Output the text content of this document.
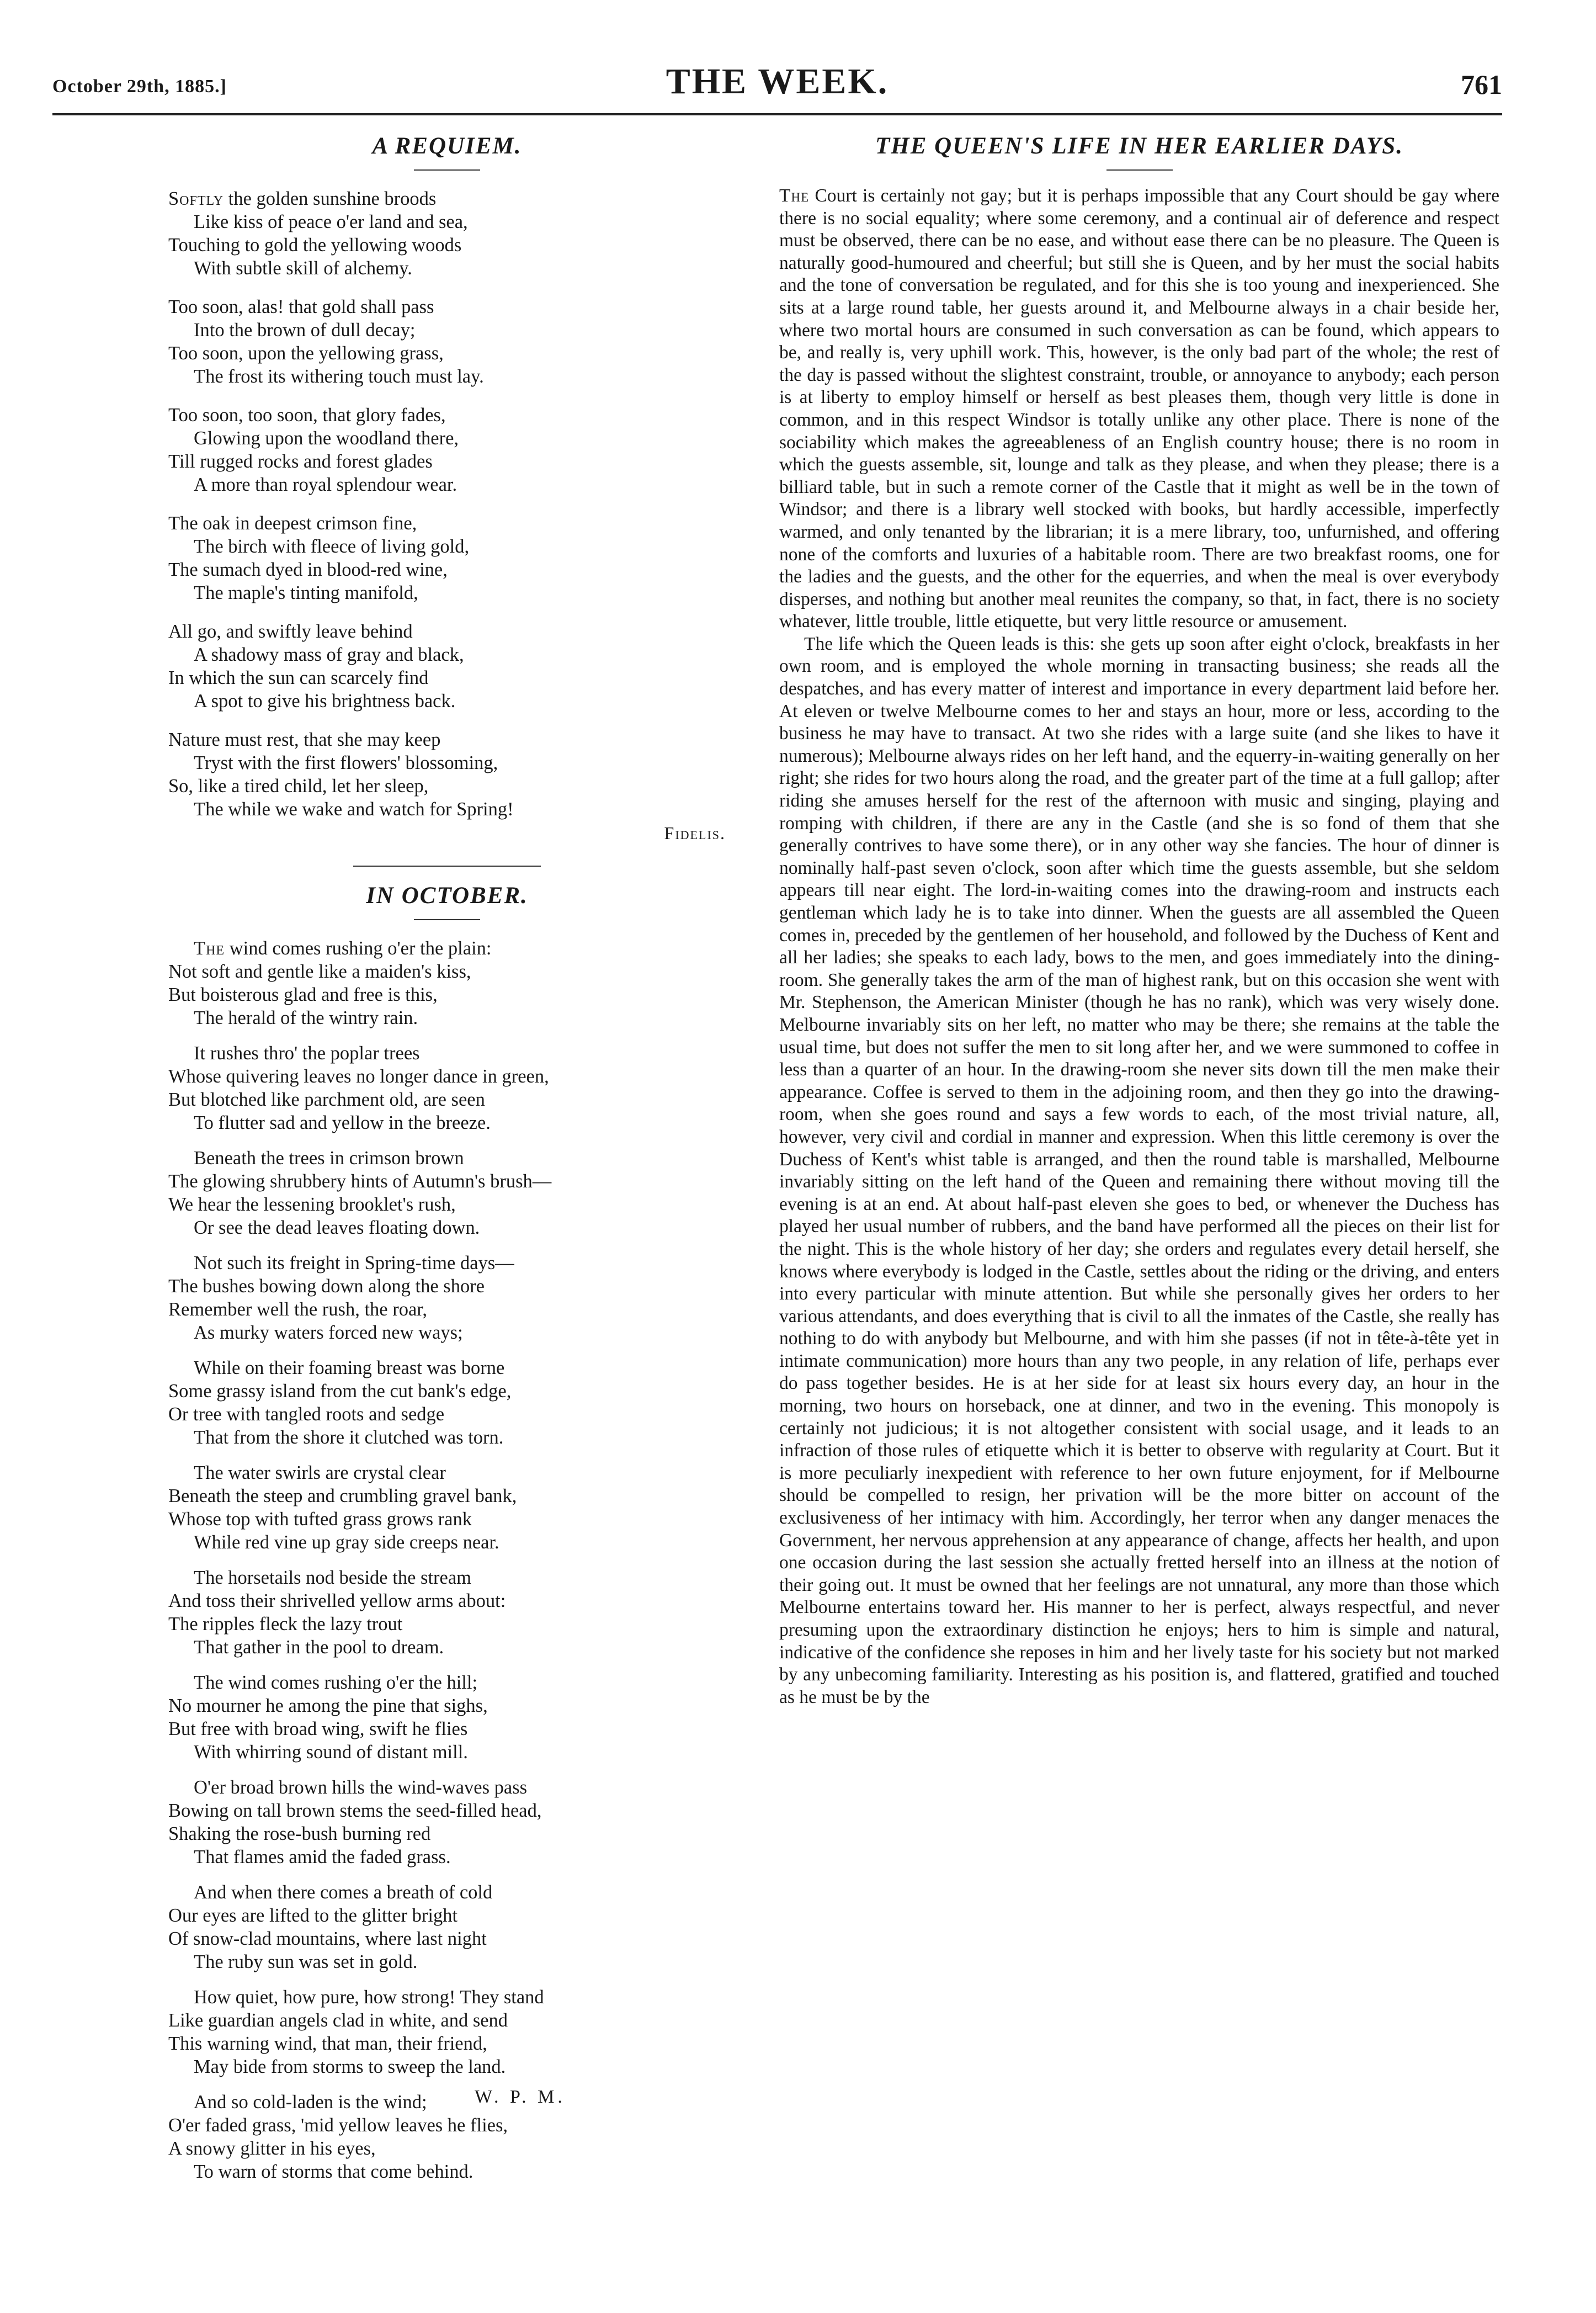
October 29th, 1885.]	THE WEEK.	761
A REQUIEM.
Softly the golden sunshine broods
Like kiss of peace o'er land and sea,
Touching to gold the yellowing woods
With subtle skill of alchemy.
Too soon, alas! that gold shall pass
Into the brown of dull decay;
Too soon, upon the yellowing grass,
The frost its withering touch must lay.
Too soon, too soon, that glory fades,
Glowing upon the woodland there,
Till rugged rocks and forest glades
A more than royal splendour wear.
The oak in deepest crimson fine,
The birch with fleece of living gold,
The sumach dyed in blood-red wine,
The maple's tinting manifold,
All go, and swiftly leave behind
A shadowy mass of gray and black,
In which the sun can scarcely find
A spot to give his brightness back.
Nature must rest, that she may keep
Tryst with the first flowers' blossoming,
So, like a tired child, let her sleep,
The while we wake and watch for Spring!
Fidelis.
IN OCTOBER.
The wind comes rushing o'er the plain:
Not soft and gentle like a maiden's kiss,
But boisterous glad and free is this,
The herald of the wintry rain.
It rushes thro' the poplar trees
Whose quivering leaves no longer dance in green,
But blotched like parchment old, are seen
To flutter sad and yellow in the breeze.
Beneath the trees in crimson brown
The glowing shrubbery hints of Autumn's brush—
We hear the lessening brooklet's rush,
Or see the dead leaves floating down.
Not such its freight in Spring-time days—
The bushes bowing down along the shore
Remember well the rush, the roar,
As murky waters forced new ways;
While on their foaming breast was borne
Some grassy island from the cut bank's edge,
Or tree with tangled roots and sedge
That from the shore it clutched was torn.
The water swirls are crystal clear
Beneath the steep and crumbling gravel bank,
Whose top with tufted grass grows rank
While red vine up gray side creeps near.
The horsetails nod beside the stream
And toss their shrivelled yellow arms about:
The ripples fleck the lazy trout
That gather in the pool to dream.
The wind comes rushing o'er the hill;
No mourner he among the pine that sighs,
But free with broad wing, swift he flies
With whirring sound of distant mill.
O'er broad brown hills the wind-waves pass
Bowing on tall brown stems the seed-filled head,
Shaking the rose-bush burning red
That flames amid the faded grass.
And when there comes a breath of cold
Our eyes are lifted to the glitter bright
Of snow-clad mountains, where last night
The ruby sun was set in gold.
How quiet, how pure, how strong! They stand
Like guardian angels clad in white, and send
This warning wind, that man, their friend,
May bide from storms to sweep the land.
And so cold-laden is the wind;
O'er faded grass, 'mid yellow leaves he flies,
A snowy glitter in his eyes,
To warn of storms that come behind.
W. P. M.
THE QUEEN'S LIFE IN HER EARLIER DAYS.

The Court is certainly not gay; but it is perhaps impossible that any Court should be gay where there is no social equality; where some ceremony, and a continual air of deference and respect must be observed, there can be no ease, and without ease there can be no pleasure. The Queen is naturally good-humoured and cheerful; but still she is Queen, and by her must the social habits and the tone of conversation be regulated, and for this she is too young and inexperienced. She sits at a large round table, her guests around it, and Melbourne always in a chair beside her, where two mortal hours are consumed in such conversation as can be found, which appears to be, and really is, very uphill work. This, however, is the only bad part of the whole; the rest of the day is passed without the slightest constraint, trouble, or annoyance to anybody; each person is at liberty to employ himself or herself as best pleases them, though very little is done in common, and in this respect Windsor is totally unlike any other place. There is none of the sociability which makes the agreeableness of an English country house; there is no room in which the guests assemble, sit, lounge and talk as they please, and when they please; there is a billiard table, but in such a remote corner of the Castle that it might as well be in the town of Windsor; and there is a library well stocked with books, but hardly accessible, imperfectly warmed, and only tenanted by the librarian; it is a mere library, too, unfurnished, and offering none of the comforts and luxuries of a habitable room. There are two breakfast rooms, one for the ladies and the guests, and the other for the equerries, and when the meal is over everybody disperses, and nothing but another meal reunites the company, so that, in fact, there is no society whatever, little trouble, little etiquette, but very little resource or amusement.

The life which the Queen leads is this: she gets up soon after eight o'clock, breakfasts in her own room, and is employed the whole morning in transacting business; she reads all the despatches, and has every matter of interest and importance in every department laid before her. At eleven or twelve Melbourne comes to her and stays an hour, more or less, according to the business he may have to transact. At two she rides with a large suite (and she likes to have it numerous); Melbourne always rides on her left hand, and the equerry-in-waiting generally on her right; she rides for two hours along the road, and the greater part of the time at a full gallop; after riding she amuses herself for the rest of the afternoon with music and singing, playing and romping with children, if there are any in the Castle (and she is so fond of them that she generally contrives to have some there), or in any other way she fancies. The hour of dinner is nominally half-past seven o'clock, soon after which time the guests assemble, but she seldom appears till near eight. The lord-in-waiting comes into the drawing-room and instructs each gentleman which lady he is to take into dinner. When the guests are all assembled the Queen comes in, preceded by the gentlemen of her household, and followed by the Duchess of Kent and all her ladies; she speaks to each lady, bows to the men, and goes immediately into the dining-room. She generally takes the arm of the man of highest rank, but on this occasion she went with Mr. Stephenson, the American Minister (though he has no rank), which was very wisely done. Melbourne invariably sits on her left, no matter who may be there; she remains at the table the usual time, but does not suffer the men to sit long after her, and we were summoned to coffee in less than a quarter of an hour. In the drawing-room she never sits down till the men make their appearance. Coffee is served to them in the adjoining room, and then they go into the drawing-room, when she goes round and says a few words to each, of the most trivial nature, all, however, very civil and cordial in manner and expression. When this little ceremony is over the Duchess of Kent's whist table is arranged, and then the round table is marshalled, Melbourne invariably sitting on the left hand of the Queen and remaining there without moving till the evening is at an end. At about half-past eleven she goes to bed, or whenever the Duchess has played her usual number of rubbers, and the band have performed all the pieces on their list for the night. This is the whole history of her day; she orders and regulates every detail herself, she knows where everybody is lodged in the Castle, settles about the riding or the driving, and enters into every particular with minute attention. But while she personally gives her orders to her various attendants, and does everything that is civil to all the inmates of the Castle, she really has nothing to do with anybody but Melbourne, and with him she passes (if not in tête-à-tête yet in intimate communication) more hours than any two people, in any relation of life, perhaps ever do pass together besides. He is at her side for at least six hours every day, an hour in the morning, two hours on horseback, one at dinner, and two in the evening. This monopoly is certainly not judicious; it is not altogether consistent with social usage, and it leads to an infraction of those rules of etiquette which it is better to observe with regularity at Court. But it is more peculiarly inexpedient with reference to her own future enjoyment, for if Melbourne should be compelled to resign, her privation will be the more bitter on account of the exclusiveness of her intimacy with him. Accordingly, her terror when any danger menaces the Government, her nervous apprehension at any appearance of change, affects her health, and upon one occasion during the last session she actually fretted herself into an illness at the notion of their going out. It must be owned that her feelings are not unnatural, any more than those which Melbourne entertains toward her. His manner to her is perfect, always respectful, and never presuming upon the extraordinary distinction he enjoys; hers to him is simple and natural, indicative of the confidence she reposes in him and her lively taste for his society but not marked by any unbecoming familiarity. Interesting as his position is, and flattered, gratified and touched as he must be by the
